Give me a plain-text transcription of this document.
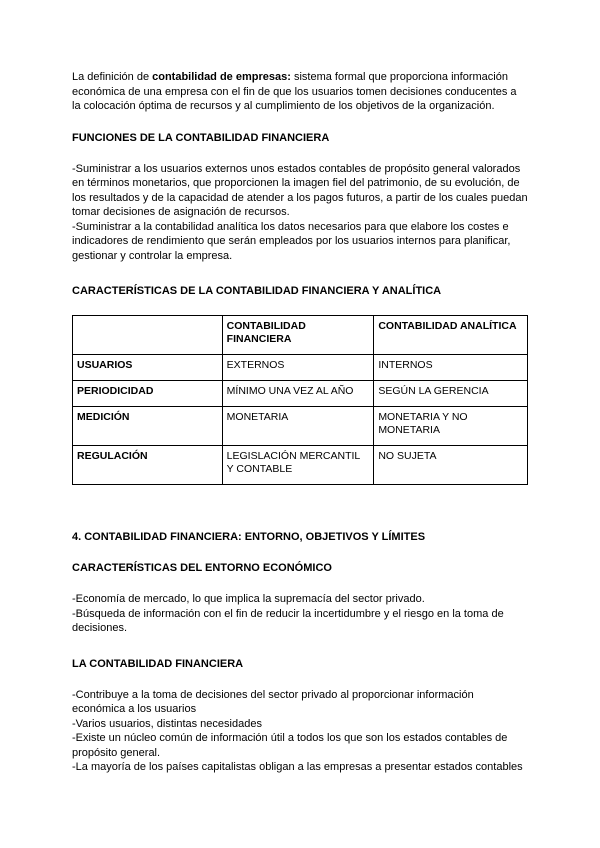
La definición de contabilidad de empresas: sistema formal que proporciona información económica de una empresa con el fin de que los usuarios tomen decisiones conducentes a la colocación óptima de recursos y al cumplimiento de los objetivos de la organización.

FUNCIONES DE LA CONTABILIDAD FINANCIERA

-Suministrar a los usuarios externos unos estados contables de propósito general valorados en términos monetarios, que proporcionen la imagen fiel del patrimonio, de su evolución, de los resultados y de la capacidad de atender a los pagos futuros, a partir de los cuales puedan tomar decisiones de asignación de recursos.

-Suministrar a la contabilidad analítica los datos necesarios para que elabore los costes e indicadores de rendimiento que serán empleados por los usuarios internos para planificar, gestionar y controlar la empresa.

CARACTERÍSTICAS DE LA CONTABILIDAD FINANCIERA Y ANALÍTICA
	CONTABILIDAD FINANCIERA	CONTABILIDAD ANALÍTICA
USUARIOS	EXTERNOS	INTERNOS
PERIODICIDAD	MÍNIMO UNA VEZ AL AÑO	SEGÚN LA GERENCIA
MEDICIÓN	MONETARIA	MONETARIA Y NO MONETARIA
REGULACIÓN	LEGISLACIÓN MERCANTIL Y CONTABLE	NO SUJETA
4. CONTABILIDAD FINANCIERA: ENTORNO, OBJETIVOS Y LÍMITES
CARACTERÍSTICAS DEL ENTORNO ECONÓMICO

-Economía de mercado, lo que implica la supremacía del sector privado.

-Búsqueda de información con el fin de reducir la incertidumbre y el riesgo en la toma de decisiones.

LA CONTABILIDAD FINANCIERA

-Contribuye a la toma de decisiones del sector privado al proporcionar información económica a los usuarios

-Varios usuarios, distintas necesidades

-Existe un núcleo común de información útil a todos los que son los estados contables de propósito general.

-La mayoría de los países capitalistas obligan a las empresas a presentar estados contables
